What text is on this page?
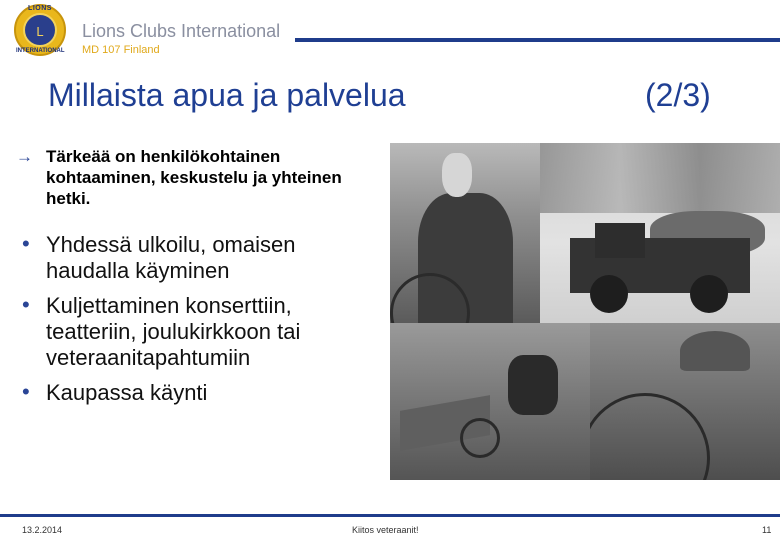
LIONS
L
INTERNATIONAL
Lions Clubs International
MD 107 Finland
Millaista apua ja palvelua	(2/3)
→ Tärkeää on henkilökohtainen kohtaaminen, keskustelu ja yhteinen hetki.
• Yhdessä ulkoilu, omaisen haudalla käyminen
• Kuljettaminen konserttiin, teatteriin, joulukirkkoon tai veteraanitapahtumiin
• Kaupassa käynti
13.2.2014	Kiitos veteraanit!	11
